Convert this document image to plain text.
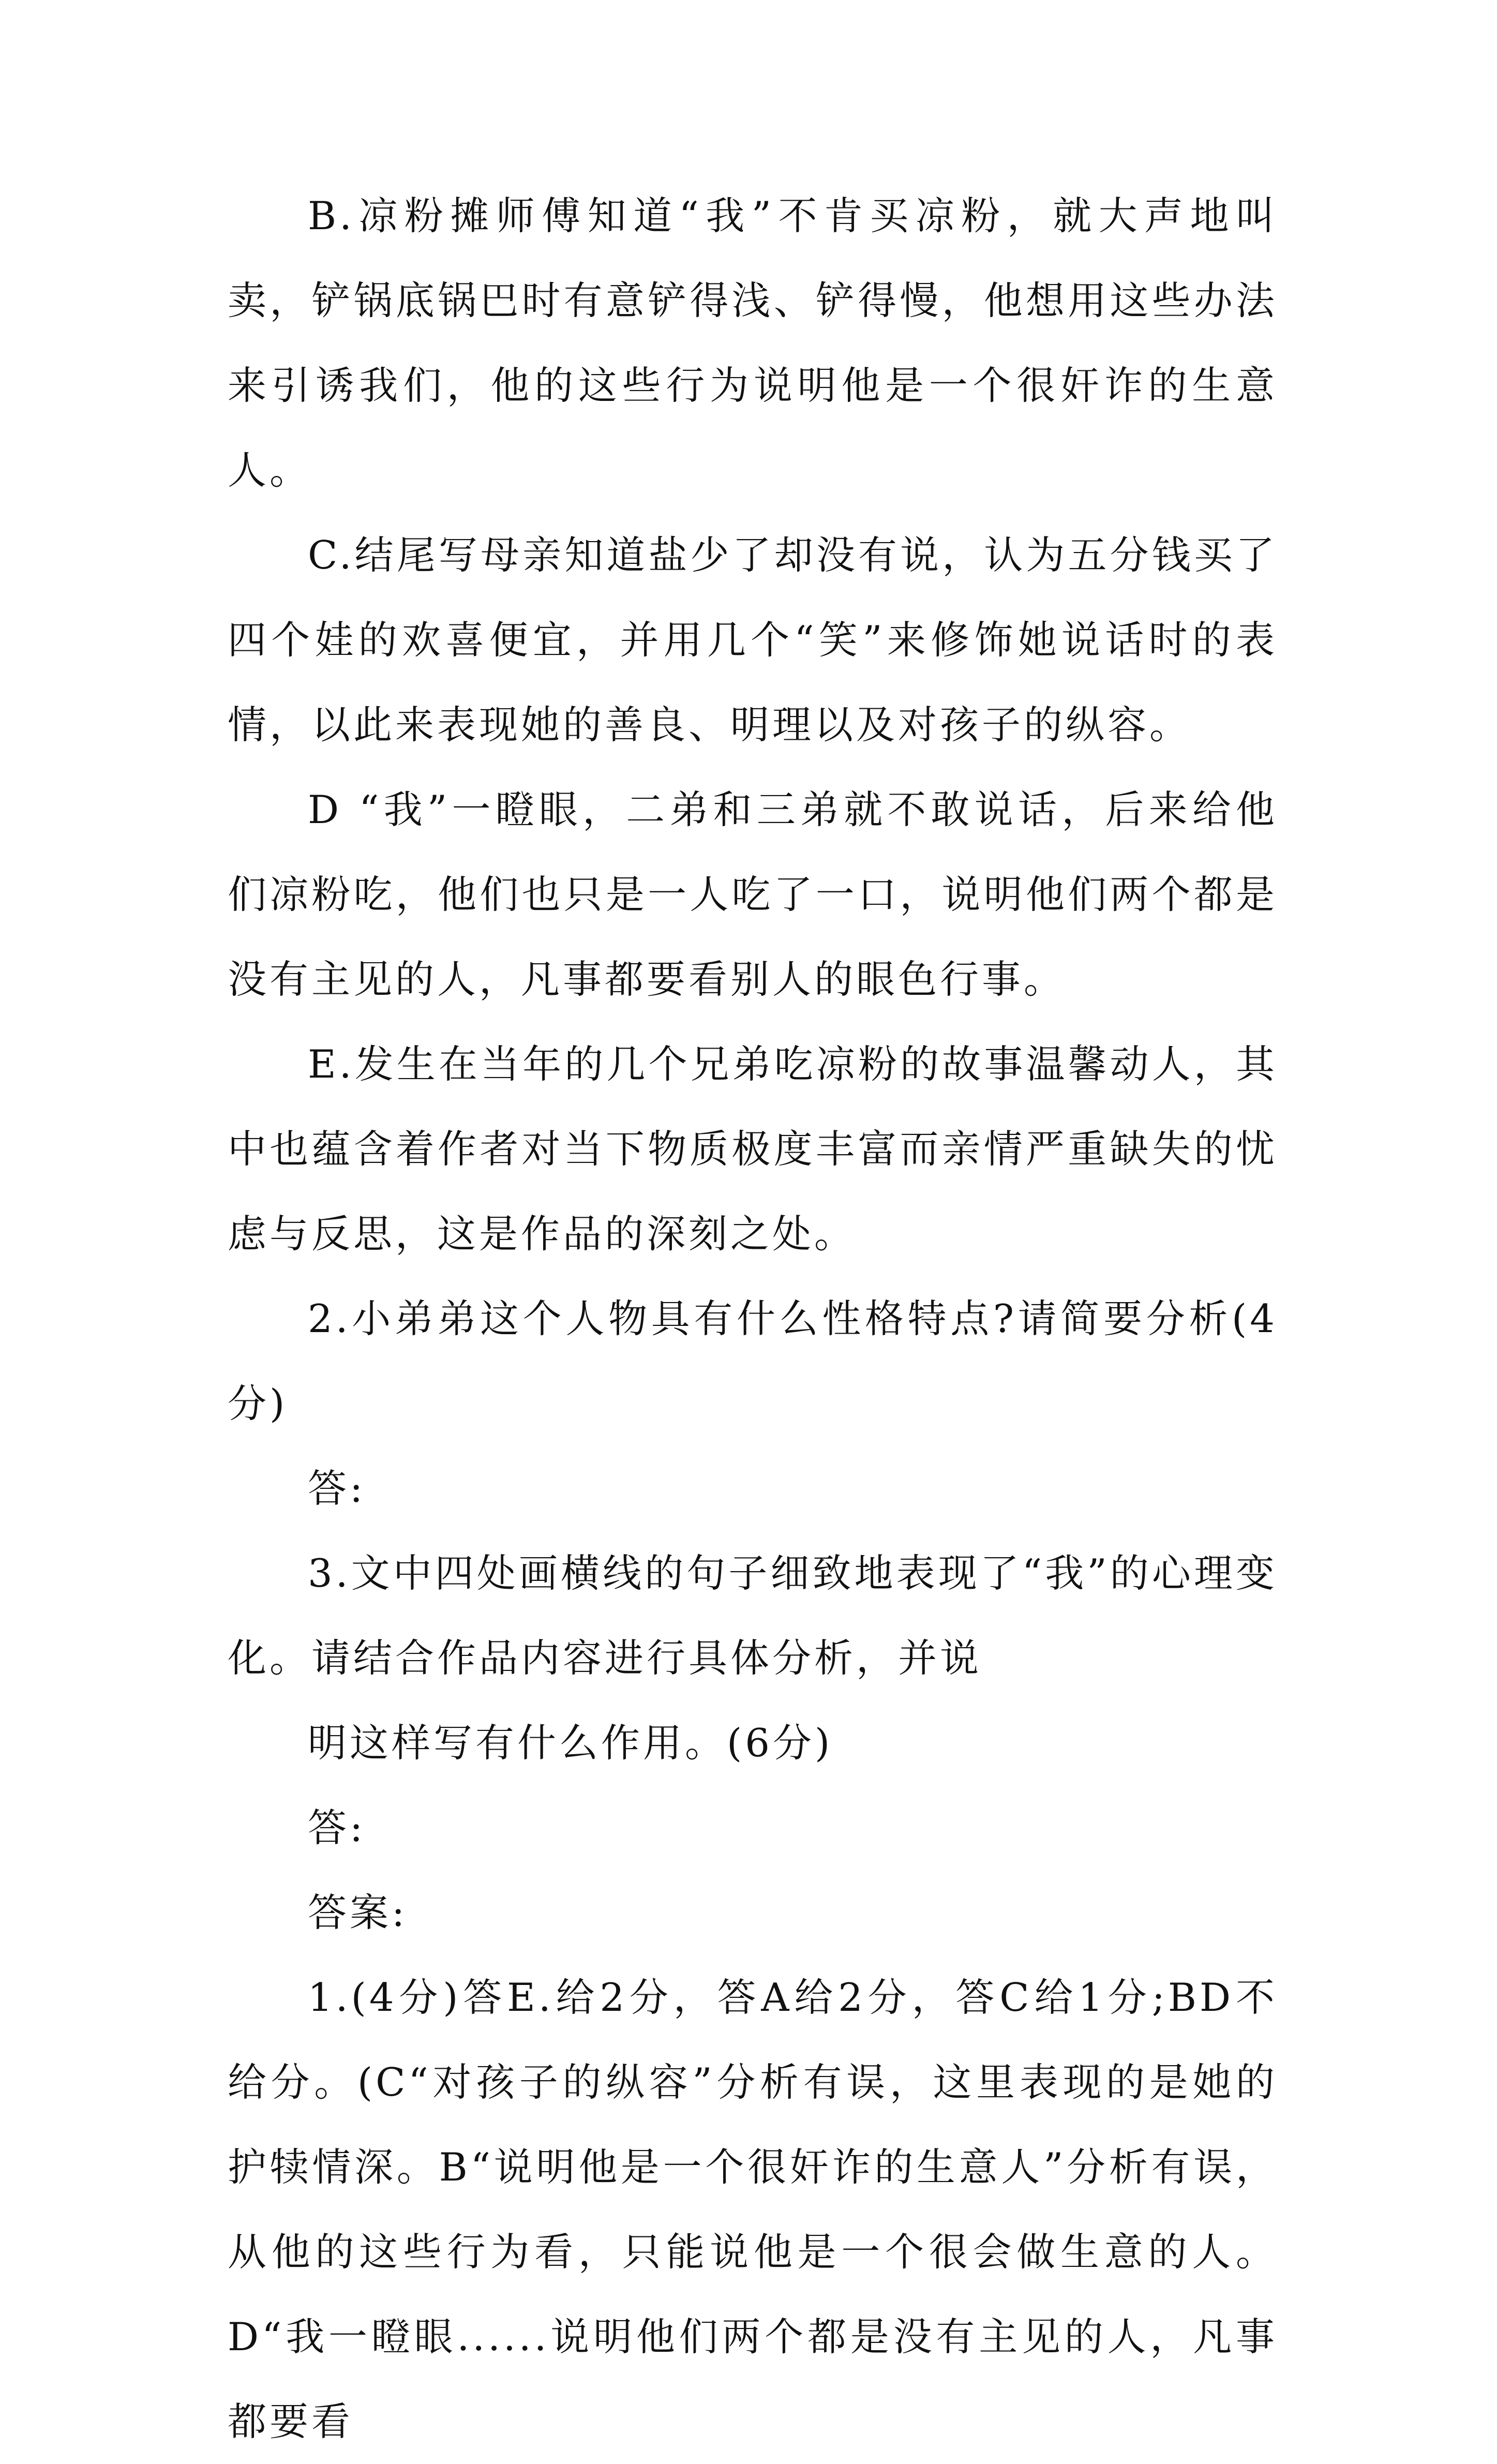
B.凉粉摊师傅知道“我”不肯买凉粉，就大声地叫卖，铲锅底锅巴时有意铲得浅、铲得慢，他想用这些办法来引诱我们，他的这些行为说明他是一个很奸诈的生意人。

C.结尾写母亲知道盐少了却没有说，认为五分钱买了四个娃的欢喜便宜，并用几个“笑”来修饰她说话时的表情，以此来表现她的善良、明理以及对孩子的纵容。

D “我”一瞪眼，二弟和三弟就不敢说话，后来给他们凉粉吃，他们也只是一人吃了一口，说明他们两个都是没有主见的人，凡事都要看别人的眼色行事。

E.发生在当年的几个兄弟吃凉粉的故事温馨动人，其中也蕴含着作者对当下物质极度丰富而亲情严重缺失的忧虑与反思，这是作品的深刻之处。

2.小弟弟这个人物具有什么性格特点?请简要分析(4分)

答:

3.文中四处画横线的句子细致地表现了“我”的心理变化。请结合作品内容进行具体分析，并说

明这样写有什么作用。(6分)

答:

答案:

1.(4分)答E.给2分，答A给2分，答C给1分;BD不给分。(C“对孩子的纵容”分析有误，这里表现的是她的护犊情深。B“说明他是一个很奸诈的生意人”分析有误，从他的这些行为看，只能说他是一个很会做生意的人。D“我一瞪眼......说明他们两个都是没有主见的人，凡事都要看
